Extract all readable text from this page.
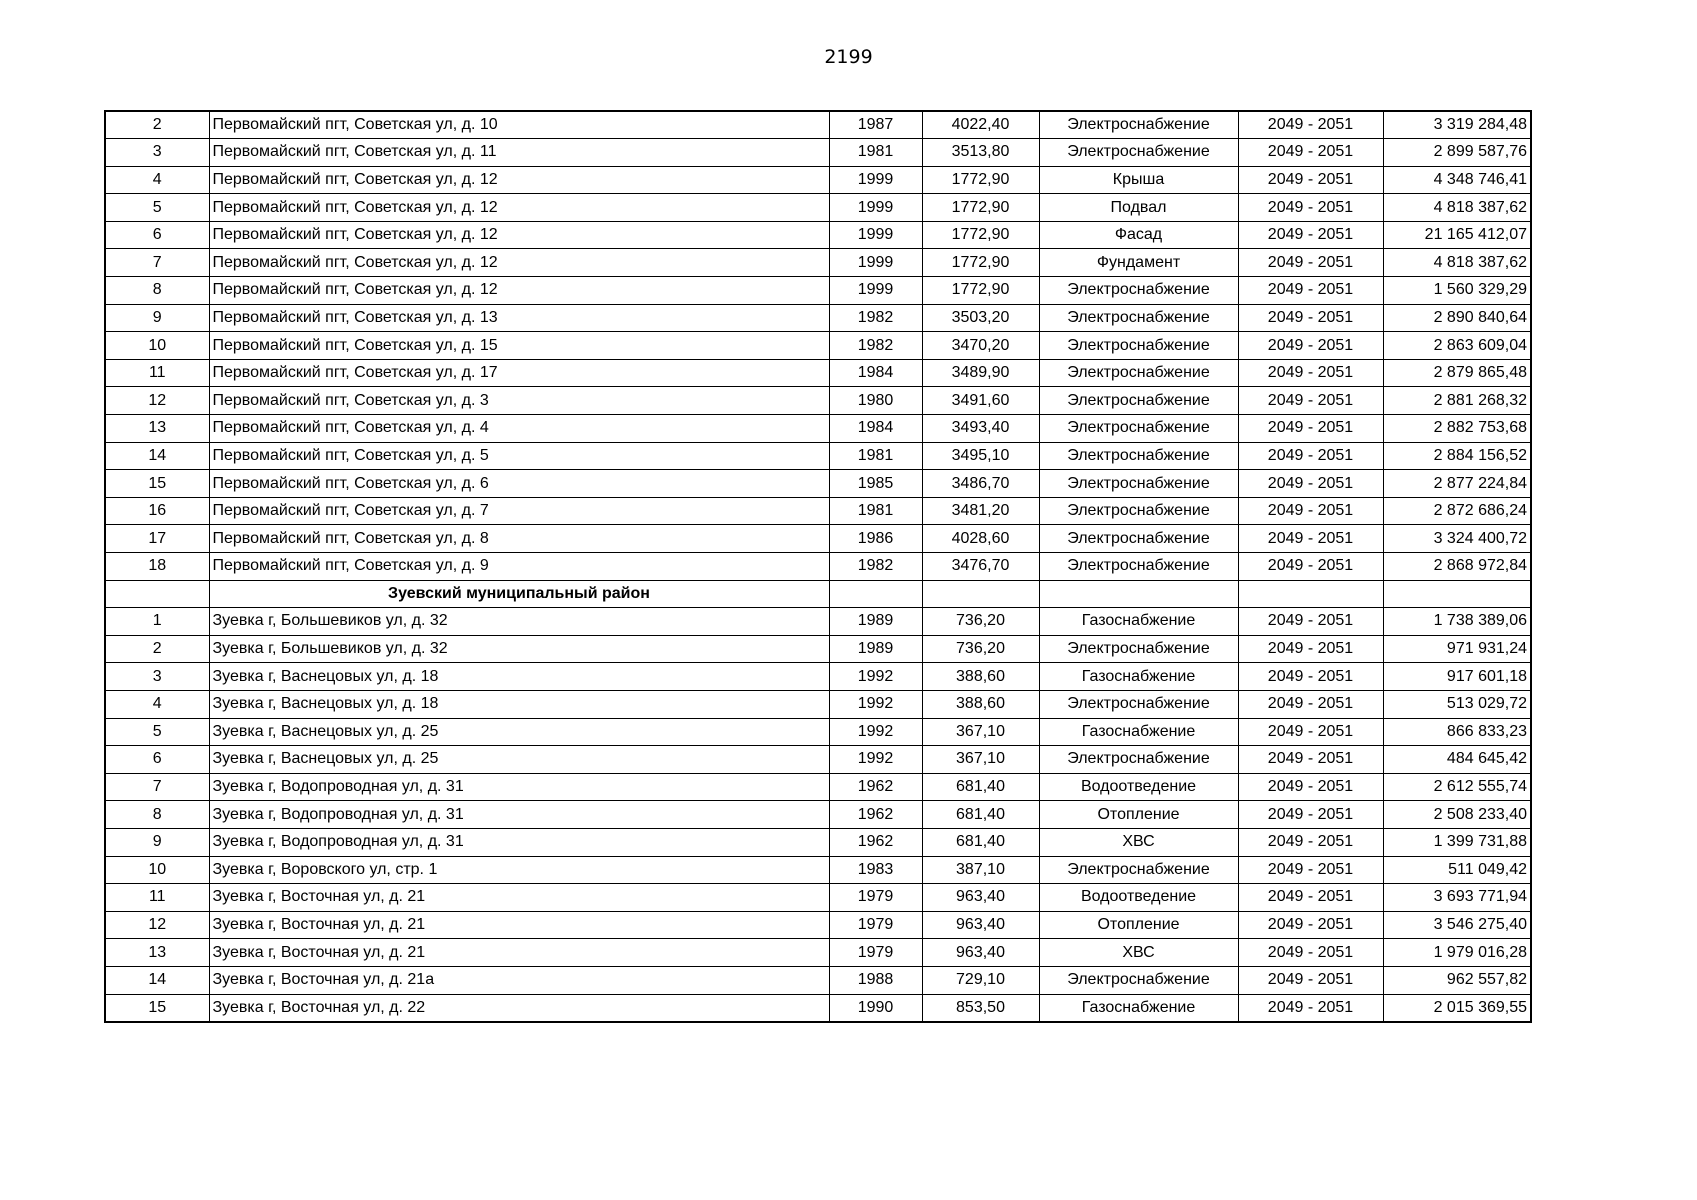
2199
2	Первомайский пгт, Советская ул, д. 10	1987	4022,40	Электроснабжение	2049 - 2051	3 319 284,48
3	Первомайский пгт, Советская ул, д. 11	1981	3513,80	Электроснабжение	2049 - 2051	2 899 587,76
4	Первомайский пгт, Советская ул, д. 12	1999	1772,90	Крыша	2049 - 2051	4 348 746,41
5	Первомайский пгт, Советская ул, д. 12	1999	1772,90	Подвал	2049 - 2051	4 818 387,62
6	Первомайский пгт, Советская ул, д. 12	1999	1772,90	Фасад	2049 - 2051	21 165 412,07
7	Первомайский пгт, Советская ул, д. 12	1999	1772,90	Фундамент	2049 - 2051	4 818 387,62
8	Первомайский пгт, Советская ул, д. 12	1999	1772,90	Электроснабжение	2049 - 2051	1 560 329,29
9	Первомайский пгт, Советская ул, д. 13	1982	3503,20	Электроснабжение	2049 - 2051	2 890 840,64
10	Первомайский пгт, Советская ул, д. 15	1982	3470,20	Электроснабжение	2049 - 2051	2 863 609,04
11	Первомайский пгт, Советская ул, д. 17	1984	3489,90	Электроснабжение	2049 - 2051	2 879 865,48
12	Первомайский пгт, Советская ул, д. 3	1980	3491,60	Электроснабжение	2049 - 2051	2 881 268,32
13	Первомайский пгт, Советская ул, д. 4	1984	3493,40	Электроснабжение	2049 - 2051	2 882 753,68
14	Первомайский пгт, Советская ул, д. 5	1981	3495,10	Электроснабжение	2049 - 2051	2 884 156,52
15	Первомайский пгт, Советская ул, д. 6	1985	3486,70	Электроснабжение	2049 - 2051	2 877 224,84
16	Первомайский пгт, Советская ул, д. 7	1981	3481,20	Электроснабжение	2049 - 2051	2 872 686,24
17	Первомайский пгт, Советская ул, д. 8	1986	4028,60	Электроснабжение	2049 - 2051	3 324 400,72
18	Первомайский пгт, Советская ул, д. 9	1982	3476,70	Электроснабжение	2049 - 2051	2 868 972,84
	Зуевский муниципальный район					
1	Зуевка г, Большевиков ул, д. 32	1989	736,20	Газоснабжение	2049 - 2051	1 738 389,06
2	Зуевка г, Большевиков ул, д. 32	1989	736,20	Электроснабжение	2049 - 2051	971 931,24
3	Зуевка г, Васнецовых ул, д. 18	1992	388,60	Газоснабжение	2049 - 2051	917 601,18
4	Зуевка г, Васнецовых ул, д. 18	1992	388,60	Электроснабжение	2049 - 2051	513 029,72
5	Зуевка г, Васнецовых ул, д. 25	1992	367,10	Газоснабжение	2049 - 2051	866 833,23
6	Зуевка г, Васнецовых ул, д. 25	1992	367,10	Электроснабжение	2049 - 2051	484 645,42
7	Зуевка г, Водопроводная ул, д. 31	1962	681,40	Водоотведение	2049 - 2051	2 612 555,74
8	Зуевка г, Водопроводная ул, д. 31	1962	681,40	Отопление	2049 - 2051	2 508 233,40
9	Зуевка г, Водопроводная ул, д. 31	1962	681,40	ХВС	2049 - 2051	1 399 731,88
10	Зуевка г, Воровского ул, стр. 1	1983	387,10	Электроснабжение	2049 - 2051	511 049,42
11	Зуевка г, Восточная ул, д. 21	1979	963,40	Водоотведение	2049 - 2051	3 693 771,94
12	Зуевка г, Восточная ул, д. 21	1979	963,40	Отопление	2049 - 2051	3 546 275,40
13	Зуевка г, Восточная ул, д. 21	1979	963,40	ХВС	2049 - 2051	1 979 016,28
14	Зуевка г, Восточная ул, д. 21а	1988	729,10	Электроснабжение	2049 - 2051	962 557,82
15	Зуевка г, Восточная ул, д. 22	1990	853,50	Газоснабжение	2049 - 2051	2 015 369,55
